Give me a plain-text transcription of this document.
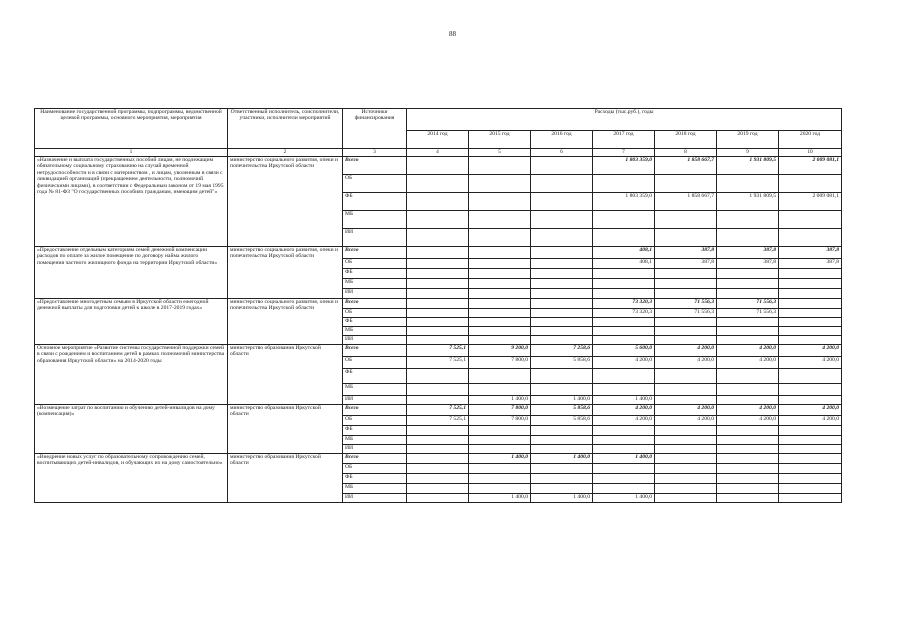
88
Наименование государственной программы, подпрограммы, ведомственной целевой программы, основного мероприятия, мероприятия	Ответственный исполнитель, соисполнители, участники, исполнители мероприятий	Источники финансирования	Расходы (тыс.руб.), годы						
			2014 год	2015 год	2016 год	2017 год	2018 год	2019 год	2020 год
1	2	3	4	5	6	7	8	9	10
«Назначение и выплата государственных пособий лицам, не подлежащим обязательному социальному страхованию на случай временной нетрудоспособности и в связи с материнством , и лицам, уволенным в связи с ликвидацией организаций (прекращением деятельности, полномочий физическими лицами), в соответствии с Федеральным законом от 19 мая 1995 года № 81-ФЗ "О государственных пособиях гражданам, имеющим детей"»	министерство социального развития, опеки и попечительства Иркутской области	Всего				1 803 359,0	1 858 667,7	1 931 809,5	2 009 081,1
		ОБ							
		ФБ				1 803 359,0	1 858 667,7	1 931 809,5	2 009 081,1
		МБ							
		ИИ							
«Предоставление отдельным категориям семей денежной компенсации расходов по оплате за жилое помещение по договору найма жилого помещения частного жилищного фонда на территории Иркутской области»	министерство социального развития, опеки и попечительства Иркутской области	Всего				408,1	387,8	387,8	387,8
		ОБ				408,1	387,8	387,8	387,8
		ФБ							
		МБ							
		ИИ							
«Предоставление многодетным семьям в Иркутской области ежегодной денежной выплаты для подготовки детей к школе в 2017-2019 годах»	министерство социального развития, опеки и попечительства Иркутской области	Всего				73 320,3	71 556,3	71 556,3	
		ОБ				73 320,3	71 556,3	71 556,3	
		ФБ							
		МБ							
		ИИ							
Основное мероприятие «Развитие системы государственной поддержки семей в связи с рождением и воспитанием детей в рамках полномочий министерства образования Иркутской области» на 2014-2020 годы	министерство образования Иркутской области	Всего	7 525,1	9 200,0	7 258,6	5 600,0	4 200,0	4 200,0	4 200,0
		ОБ	7 525,1	7 800,0	5 858,6	4 200,0	4 200,0	4 200,0	4 200,0
		ФБ							
		МБ							
		ИИ		1 400,0	1 400,0	1 400,0			
«Возмещение затрат по воспитанию и обучению детей-инвалидов на дому (компенсация)»	министерство образования Иркутской области	Всего	7 525,1	7 800,0	5 858,6	4 200,0	4 200,0	4 200,0	4 200,0
		ОБ	7 525,1	7 800,0	5 858,6	4 200,0	4 200,0	4 200,0	4 200,0
		ФБ							
		МБ							
		ИИ							
«Внедрение новых услуг по образовательному сопровождению семей, воспитывающих детей-инвалидов, и обучающих их на дому самостоятельно»	министерство образования Иркутской области	Всего		1 400,0	1 400,0	1 400,0			
		ОБ							
		ФБ							
		МБ							
		ИИ		1 400,0	1 400,0	1 400,0			
